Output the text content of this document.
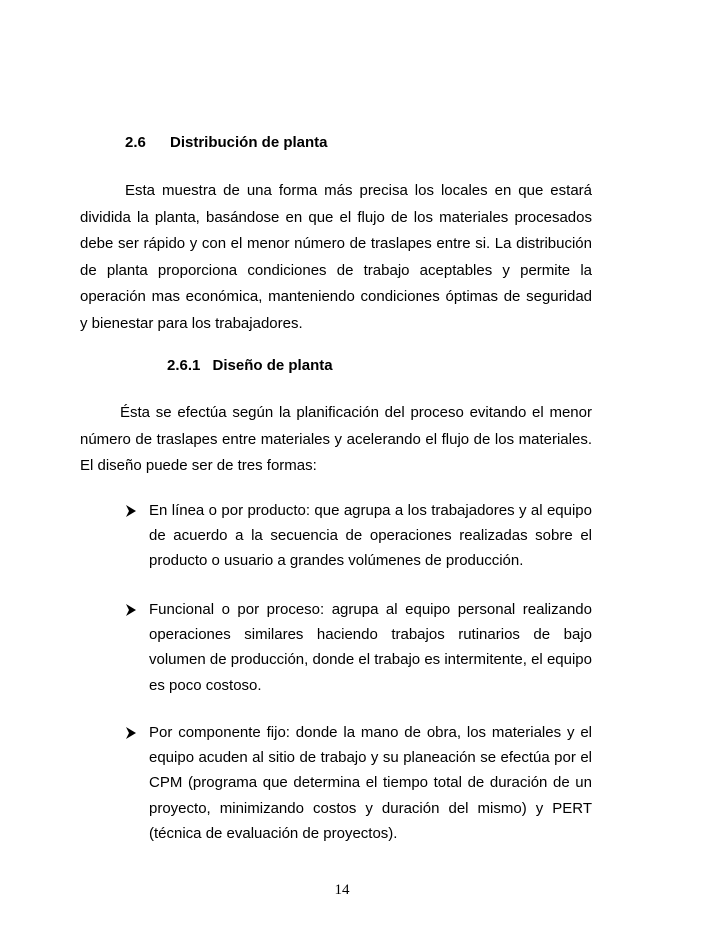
2.6 Distribución de planta

Esta muestra de una forma más precisa los locales en que estará dividida la planta, basándose en que el flujo de los materiales procesados debe ser rápido y con el menor número de traslapes entre si. La distribución de planta proporciona condiciones de trabajo aceptables y permite la operación mas económica, manteniendo condiciones óptimas de seguridad y bienestar para los trabajadores.

2.6.1 Diseño de planta

Ésta se efectúa según la planificación del proceso evitando el menor número de traslapes entre materiales y acelerando el flujo de los materiales. El diseño puede ser de tres formas:

En línea o por producto: que agrupa a los trabajadores y al equipo de acuerdo a la secuencia de operaciones realizadas sobre el producto o usuario a grandes volúmenes de producción.

Funcional o por proceso: agrupa al equipo personal realizando operaciones similares haciendo trabajos rutinarios de bajo volumen de producción, donde el trabajo es intermitente, el equipo es poco costoso.

Por componente fijo: donde la mano de obra, los materiales y el equipo acuden al sitio de trabajo y su planeación se efectúa por el CPM (programa que determina el tiempo total de duración de un proyecto, minimizando costos y duración del mismo) y PERT (técnica de evaluación de proyectos).

14
